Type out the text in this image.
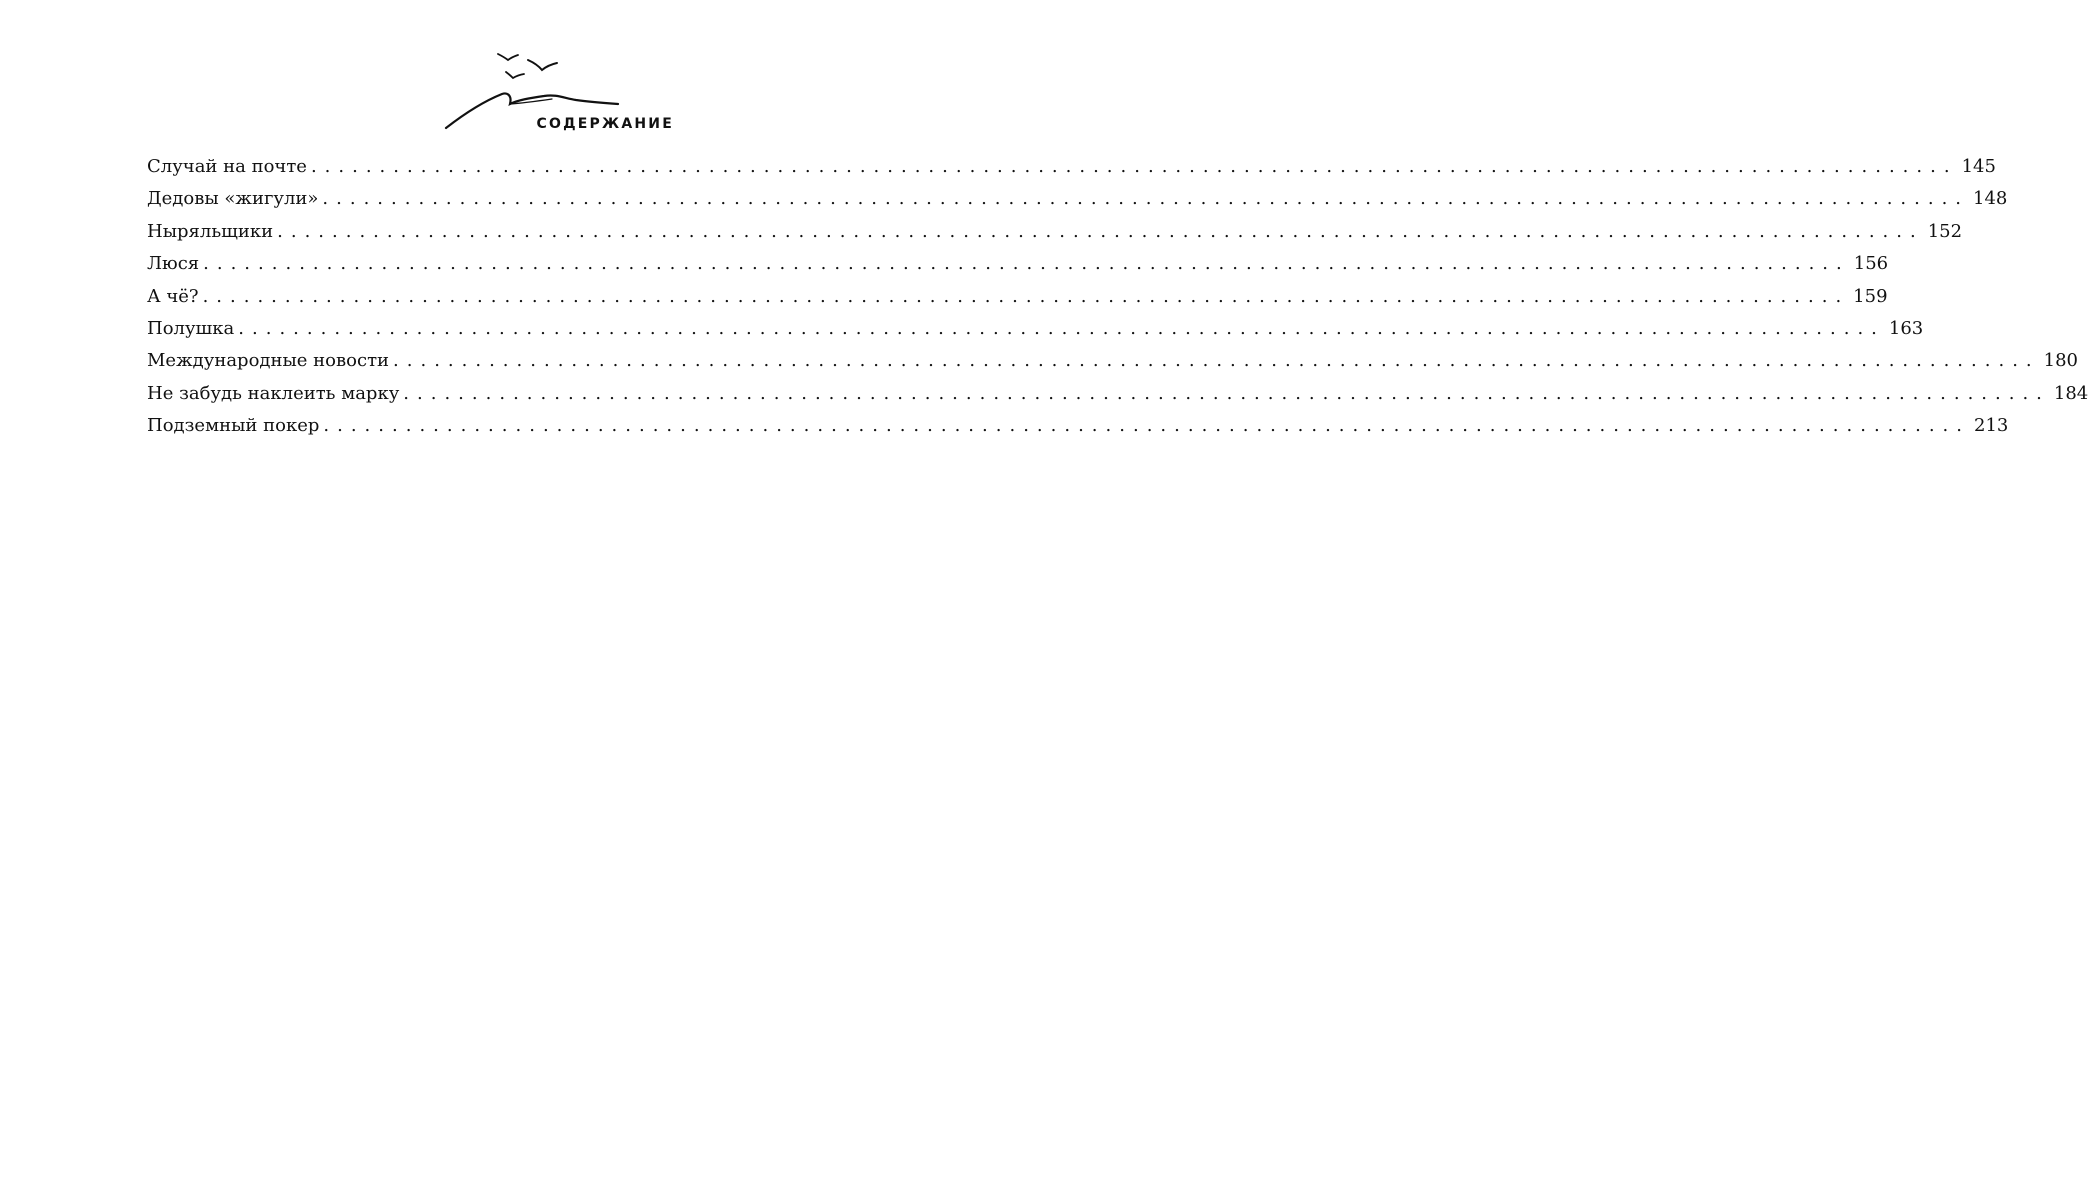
СОДЕРЖАНИЕ
Случай на почте ........................................................................................................................ 145
Дедовы «жигули» ........................................................................................................................ 148
Ныряльщики ........................................................................................................................ 152
Люся ........................................................................................................................ 156
А чё? ........................................................................................................................ 159
Полушка ........................................................................................................................ 163
Международные новости ........................................................................................................................ 180
Не забудь наклеить марку ........................................................................................................................ 184
Подземный покер ........................................................................................................................ 213
